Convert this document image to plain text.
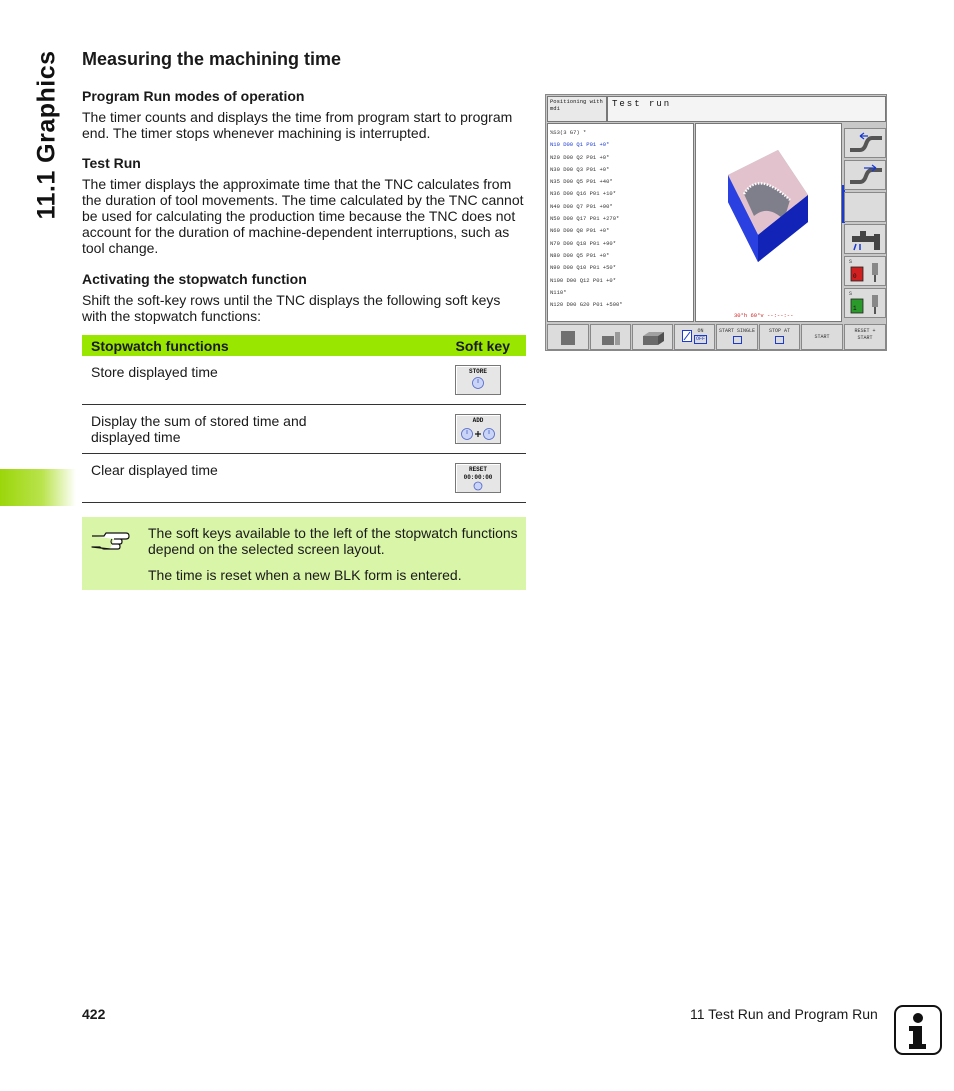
11.1 Graphics Measuring the machining time
Program Run modes of operation

The timer counts and displays the time from program start to program end. The timer stops whenever machining is interrupted.

Test Run

The timer displays the approximate time that the TNC calculates from the duration of tool movements. The time calculated by the TNC cannot be used for calculating the production time because the TNC does not account for the duration of machine-dependent interruptions, such as tool change.

Activating the stopwatch function

Shift the soft-key rows until the TNC displays the following soft keys with the stopwatch functions:

Stopwatch functions	Soft key
Store displayed time	STORE
Display the sum of stored time and displayed time
ADD
Clear displayed time	RESET
00:00:00

The soft keys available to the left of the stopwatch functions depend on the selected screen layout.

The time is reset when a new BLK form is entered.

Positioning with mdi	Test run
%S3(3 G7) *
N10 D00 Q1 P01 +0*
N20 D00 Q2 P01 +0*
N30 D00 Q3 P01 +0*
N35 D00 Q5 P01 +40*
N36 D00 Q16 P01 +10*
N40 D00 Q7 P01 +90*
N50 D00 Q17 P01 +270*
N60 D00 Q8 P01 +0*
N70 D00 Q18 P01 +90*
N80 D00 Q5 P01 +0*
N90 D00 Q10 P01 +50*
N100 D00 Q12 P01 +0*
N110*
N120 D00 G20 P01 +500*
30°h 60°v --:--:--
S
0
S
1
ON
OFF
START SINGLE	STOP AT
START
RESET + START
422	11 Test Run and Program Run
